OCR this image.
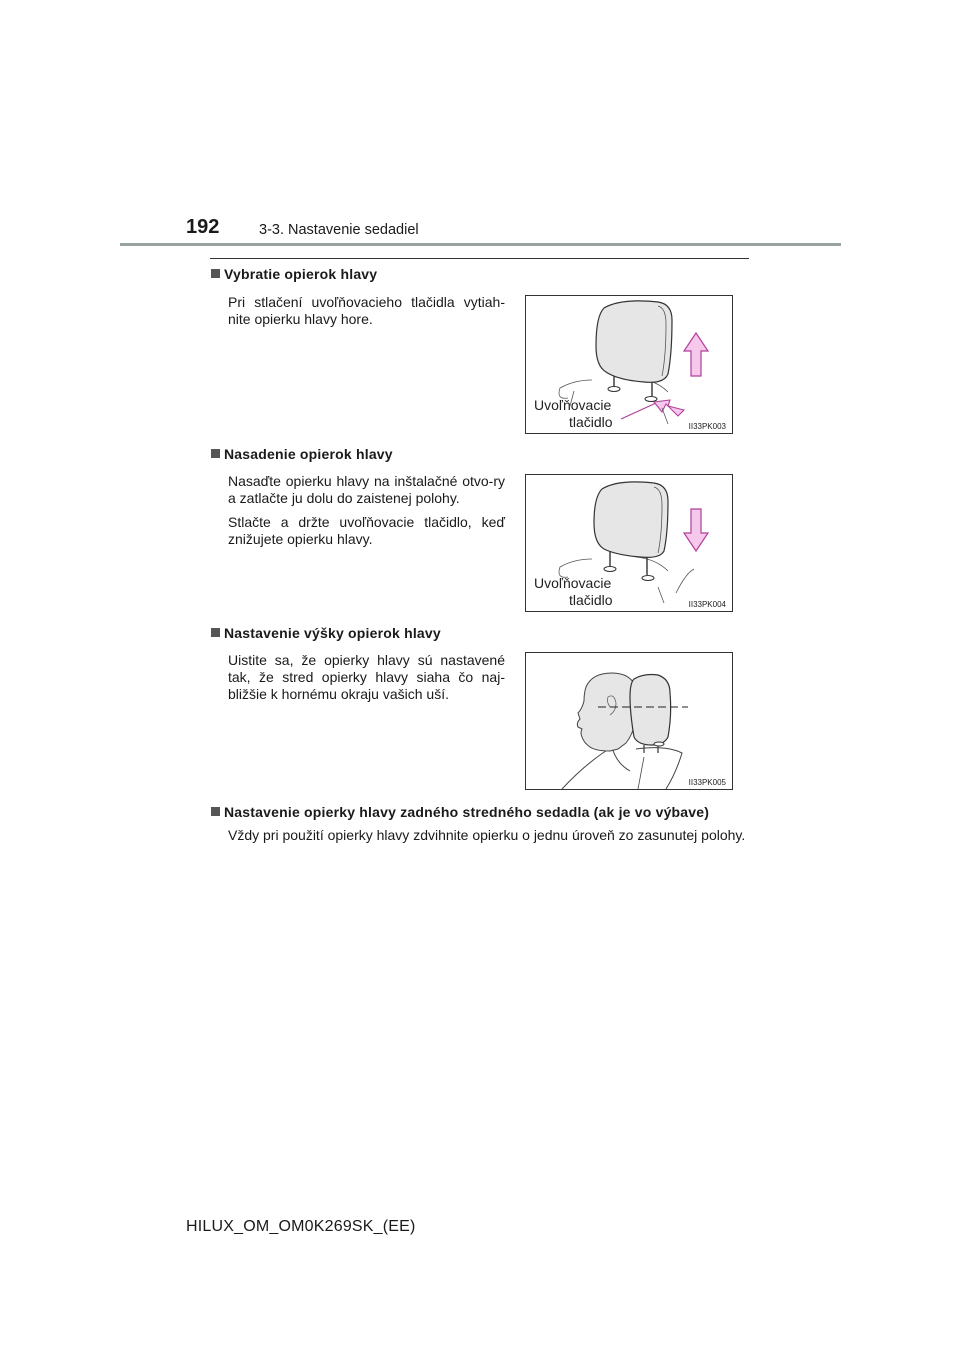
192	3-3. Nastavenie sedadiel
Vybratie opierok hlavy
Pri stlačení uvoľňovacieho tlačidla vytiah-nite opierku hlavy hore.
Uvoľňovacie
tlačidlo	II33PK003
Nasadenie opierok hlavy
Nasaďte opierku hlavy na inštalačné otvo-ry a zatlačte ju dolu do zaistenej polohy.
Stlačte a držte uvoľňovacie tlačidlo, keď znižujete opierku hlavy.
Uvoľňovacie
tlačidlo	II33PK004
Nastavenie výšky opierok hlavy
Uistite sa, že opierky hlavy sú nastavené tak, že stred opierky hlavy siaha čo naj-bližšie k hornému okraju vašich uší.
II33PK005
Nastavenie opierky hlavy zadného stredného sedadla (ak je vo výbave)
Vždy pri použití opierky hlavy zdvihnite opierku o jednu úroveň zo zasunutej polohy.
HILUX_OM_OM0K269SK_(EE)
